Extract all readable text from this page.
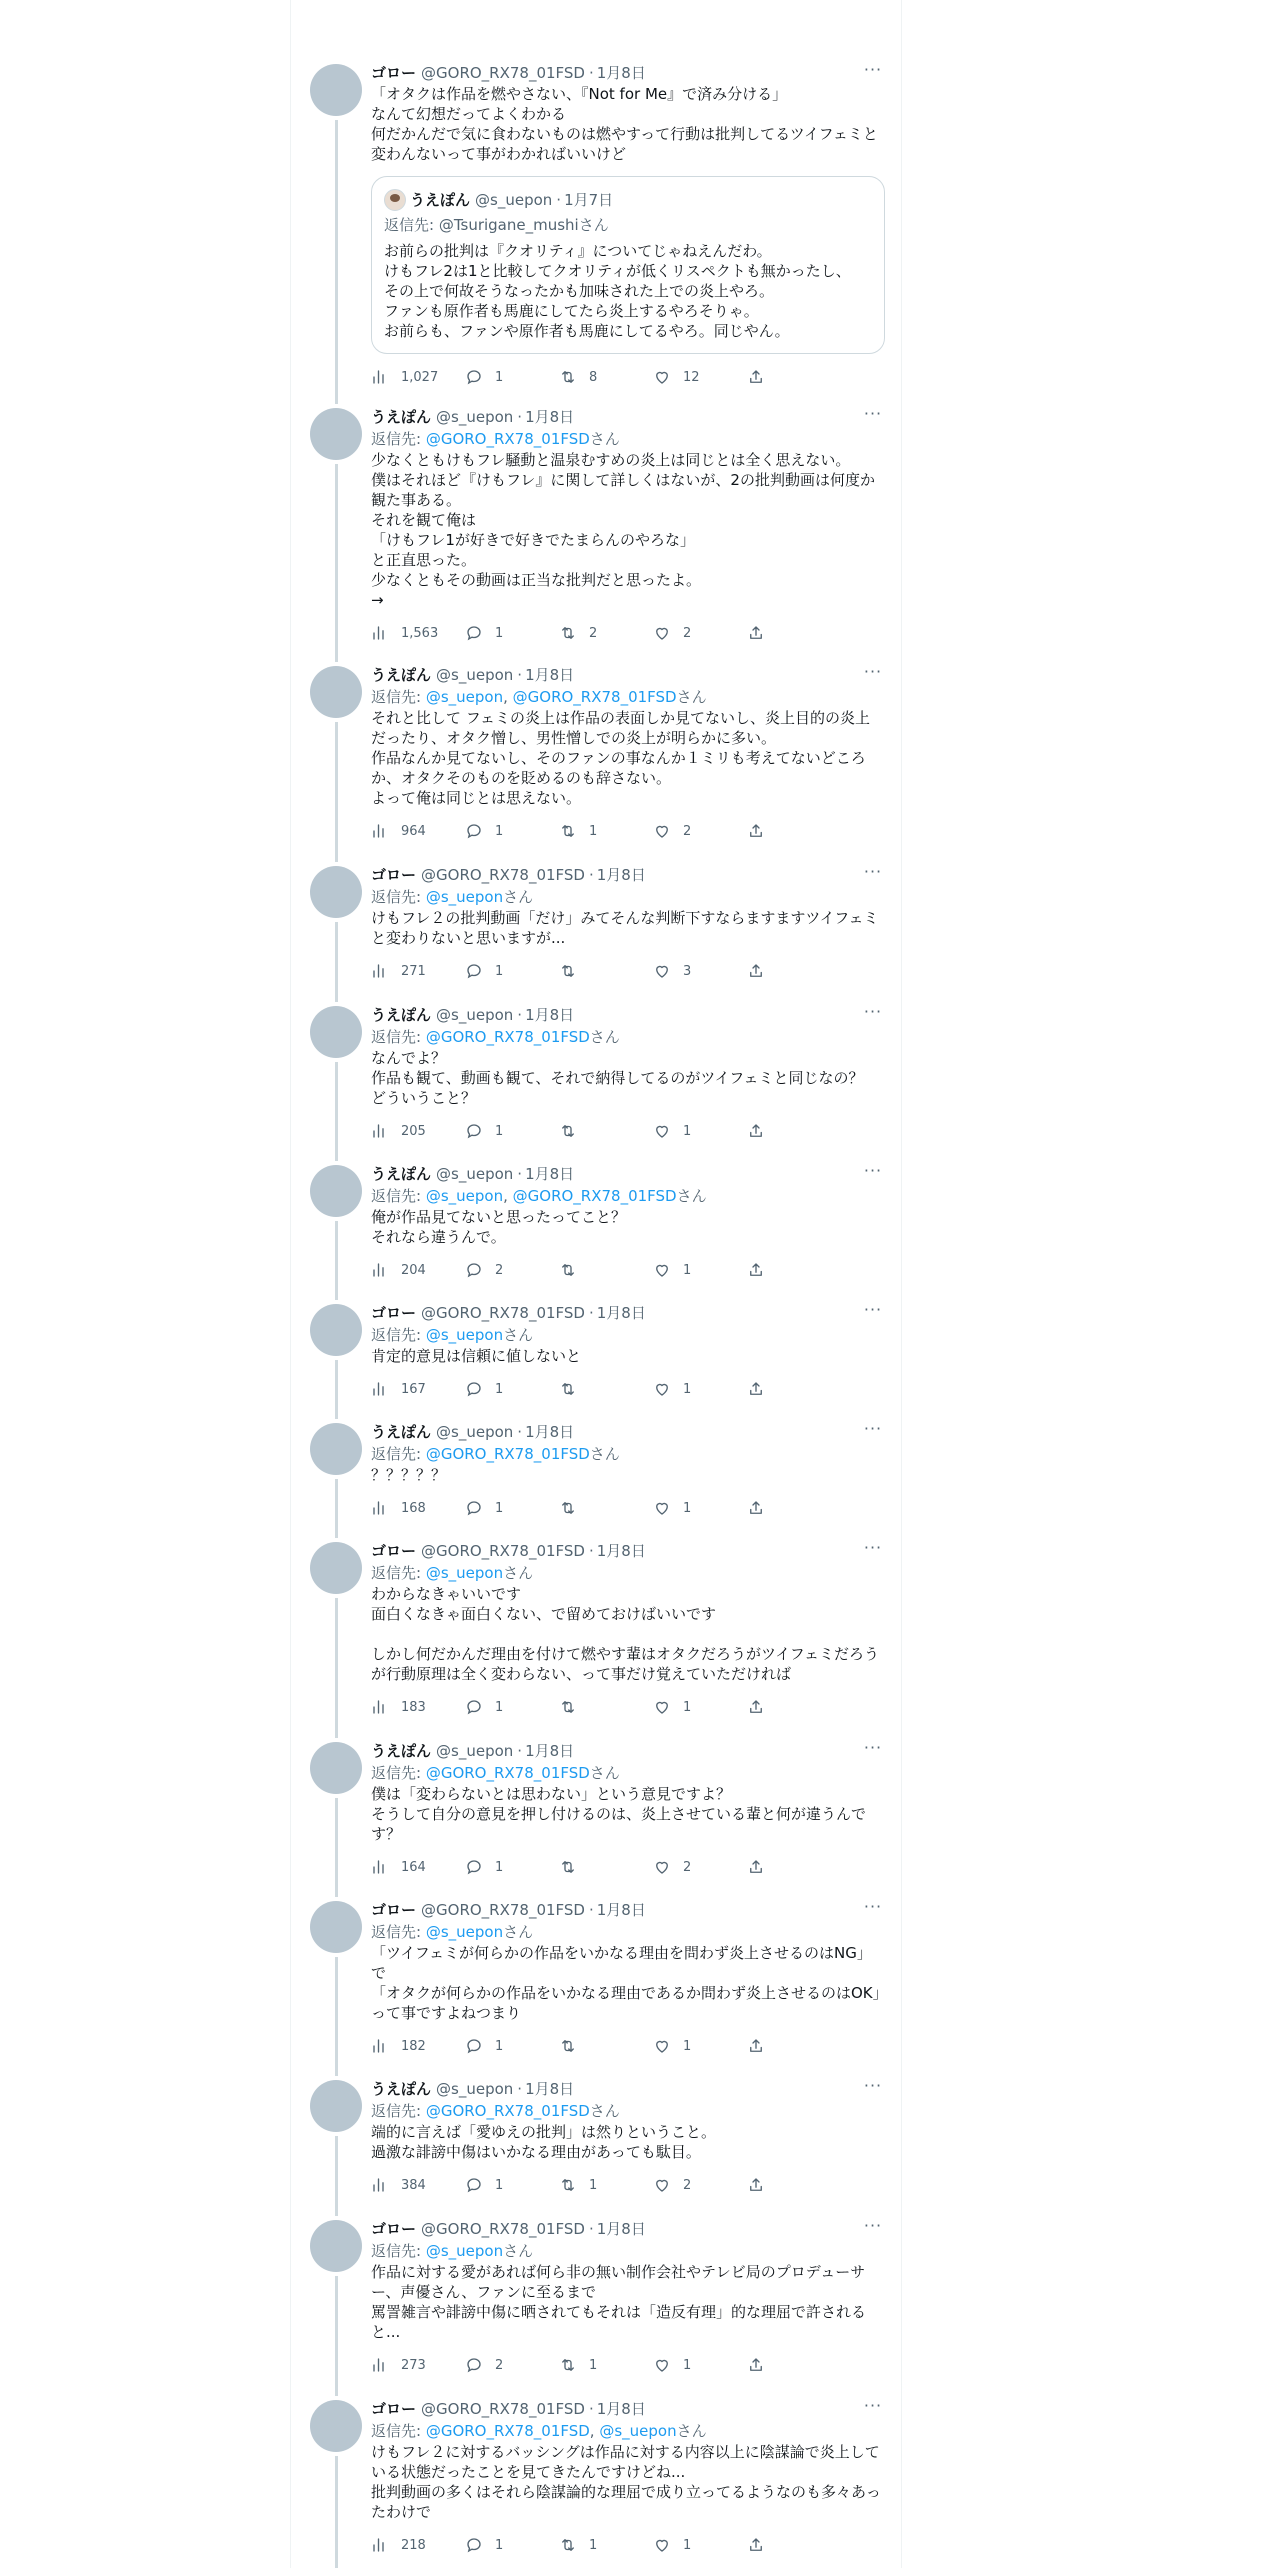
ゴロー @GORO_RX78_01FSD · 1月8日	···
「オタクは作品を燃やさない、『Not for Me』で済み分ける」
なんて幻想だってよくわかる
何だかんだで気に食わないものは燃やすって行動は批判してるツイフェミと変わんないって事がわかればいいけど
うえぽん @s_uepon · 1月7日
返信先: @Tsurigane_mushiさん
お前らの批判は『クオリティ』についてじゃねえんだわ。
けもフレ2は1と比較してクオリティが低くリスペクトも無かったし、
その上で何故そうなったかも加味された上での炎上やろ。
ファンも原作者も馬鹿にしてたら炎上するやろそりゃ。
お前らも、ファンや原作者も馬鹿にしてるやろ。同じやん。
1,027	1	8	12
うえぽん @s_uepon · 1月8日	···
返信先: @GORO_RX78_01FSDさん
少なくともけもフレ騒動と温泉むすめの炎上は同じとは全く思えない。
僕はそれほど『けもフレ』に関して詳しくはないが、2の批判動画は何度か観た事ある。
それを観て俺は
「けもフレ1が好きで好きでたまらんのやろな」
と正直思った。
少なくともその動画は正当な批判だと思ったよ。
→
1,563	1	2	2
うえぽん @s_uepon · 1月8日	···
返信先: @s_uepon, @GORO_RX78_01FSDさん
それと比して フェミの炎上は作品の表面しか見てないし、炎上目的の炎上だったり、オタク憎し、男性憎しでの炎上が明らかに多い。
作品なんか見てないし、そのファンの事なんか１ミリも考えてないどころか、オタクそのものを貶めるのも辞さない。
よって俺は同じとは思えない。
964	1	1	2
ゴロー @GORO_RX78_01FSD · 1月8日	···
返信先: @s_ueponさん
けもフレ２の批判動画「だけ」みてそんな判断下すならますますツイフェミと変わりないと思いますが...
271	1	3
うえぽん @s_uepon · 1月8日	···
返信先: @GORO_RX78_01FSDさん
なんでよ？
作品も観て、動画も観て、それで納得してるのがツイフェミと同じなの？
どういうこと？
205	1	1
うえぽん @s_uepon · 1月8日	···
返信先: @s_uepon, @GORO_RX78_01FSDさん
俺が作品見てないと思ったってこと？
それなら違うんで。
204	2	1
ゴロー @GORO_RX78_01FSD · 1月8日	···
返信先: @s_ueponさん
肯定的意見は信頼に値しないと
167	1	1
うえぽん @s_uepon · 1月8日	···
返信先: @GORO_RX78_01FSDさん
？？？？？
168	1	1
ゴロー @GORO_RX78_01FSD · 1月8日	···
返信先: @s_ueponさん
わからなきゃいいです
面白くなきゃ面白くない、で留めておけばいいです

しかし何だかんだ理由を付けて燃やす輩はオタクだろうがツイフェミだろうが行動原理は全く変わらない、って事だけ覚えていただければ
183	1	1
うえぽん @s_uepon · 1月8日	···
返信先: @GORO_RX78_01FSDさん
僕は「変わらないとは思わない」という意見ですよ？
そうして自分の意見を押し付けるのは、炎上させている輩と何が違うんです？
164	1	2
ゴロー @GORO_RX78_01FSD · 1月8日	···
返信先: @s_ueponさん
「ツイフェミが何らかの作品をいかなる理由を問わず炎上させるのはNG」で
「オタクが何らかの作品をいかなる理由であるか問わず炎上させるのはOK」って事ですよねつまり
182	1	1
うえぽん @s_uepon · 1月8日	···
返信先: @GORO_RX78_01FSDさん
端的に言えば「愛ゆえの批判」は然りということ。
過激な誹謗中傷はいかなる理由があっても駄目。
384	1	1	2
ゴロー @GORO_RX78_01FSD · 1月8日	···
返信先: @s_ueponさん
作品に対する愛があれば何ら非の無い制作会社やテレビ局のプロデューサー、声優さん、ファンに至るまで
罵詈雑言や誹謗中傷に晒されてもそれは「造反有理」的な理屈で許されると...
273	2	1	1
ゴロー @GORO_RX78_01FSD · 1月8日	···
返信先: @GORO_RX78_01FSD, @s_ueponさん
けもフレ２に対するバッシングは作品に対する内容以上に陰謀論で炎上している状態だったことを見てきたんですけどね...
批判動画の多くはそれら陰謀論的な理屈で成り立ってるようなのも多々あったわけで
218	1	1	1
